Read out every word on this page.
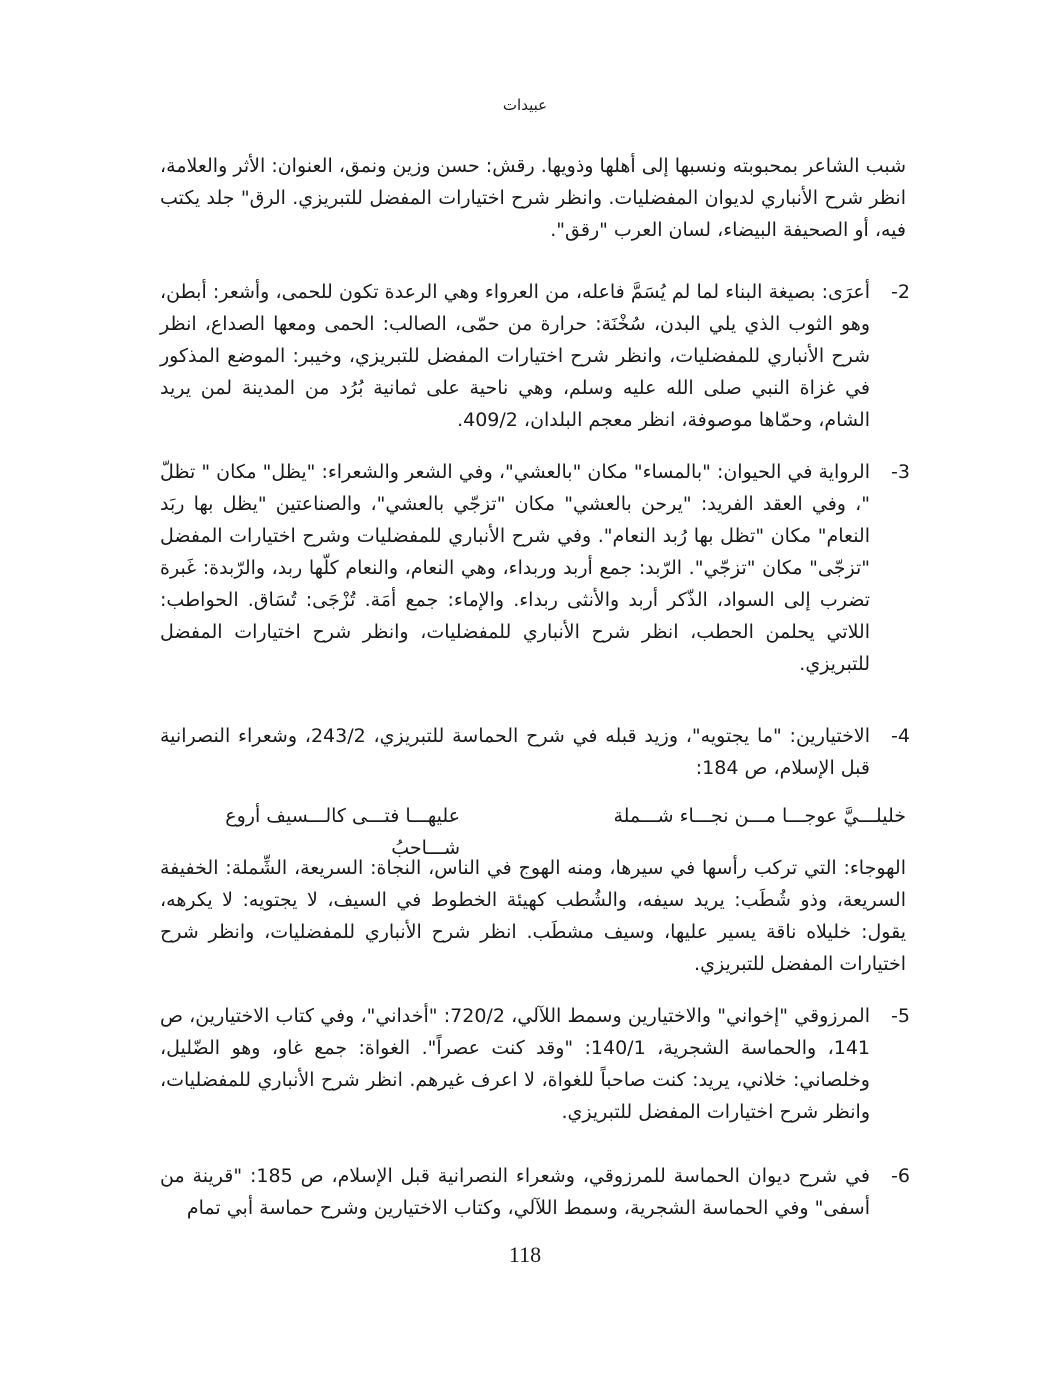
عبيدات

شبب الشاعر بمحبوبته ونسبها إلى أهلها وذويها. رقش: حسن وزين ونمق، العنوان: الأثر والعلامة، انظر شرح الأنباري لديوان المفضليات. وانظر شرح اختيارات المفضل للتبريزي. الرق" جلد يكتب فيه، أو الصحيفة البيضاء، لسان العرب "رقق".

-2
أعرَى: بصيغة البناء لما لم يُسَمَّ فاعله، من العرواء وهي الرعدة تكون للحمى، وأشعر: أبطن، وهو الثوب الذي يلي البدن، سُخْنَة: حرارة من حمّى، الصالب: الحمى ومعها الصداع، انظر شرح الأنباري للمفضليات، وانظر شرح اختيارات المفضل للتبريزي، وخيبر: الموضع المذكور في غزاة النبي صلى الله عليه وسلم، وهي ناحية على ثمانية بُرُد من المدينة لمن يريد الشام، وحمّاها موصوفة، انظر معجم البلدان، 409/2.
-3
الرواية في الحيوان: "بالمساء" مكان "بالعشي"، وفي الشعر والشعراء: "يظل" مكان " تظلّ "، وفي العقد الفريد: "يرحن بالعشي" مكان "تزجّي بالعشي"، والصناعتين "يظل بها ربَد النعام" مكان "تظل بها رُبد النعام". وفي شرح الأنباري للمفضليات وشرح اختيارات المفضل "تزجّى" مكان "تزجّي". الرّبد: جمع أربد وربداء، وهي النعام، والنعام كلّها ربد، والرّبدة: غَبرة تضرب إلى السواد، الذّكر أربد والأنثى ربداء. والإماء: جمع أمَة. تُزْجَى: تُسَاق. الحواطب: اللاتي يحلمن الحطب، انظر شرح الأنباري للمفضليات، وانظر شرح اختيارات المفضل للتبريزي.
-4
الاختيارين: "ما يجتويه"، وزيد قبله في شرح الحماسة للتبريزي، 243/2، وشعراء النصرانية قبل الإسلام، ص 184:
خليلـــيَّ عوجـــا مـــن نجـــاء شـــملة
عليهـــا فتـــى كالـــسيف أروع شـــاحبُ

الهوجاء: التي تركب رأسها في سيرها، ومنه الهوج في الناس، النجاة: السريعة، الشِّملة: الخفيفة السريعة، وذو شُطَب: يريد سيفه، والشُطب كهيئة الخطوط في السيف، لا يجتويه: لا يكرهه، يقول: خليلاه ناقة يسير عليها، وسيف مشطَب. انظر شرح الأنباري للمفضليات، وانظر شرح اختيارات المفضل للتبريزي.

-5
المرزوقي "إخواني" والاختيارين وسمط اللآلي، 720/2: "أخداني"، وفي كتاب الاختيارين، ص 141، والحماسة الشجرية، 140/1: "وقد كنت عصراً". الغواة: جمع غاو، وهو الضّليل، وخلصاني: خلاني، يريد: كنت صاحباً للغواة، لا اعرف غيرهم. انظر شرح الأنباري للمفضليات، وانظر شرح اختيارات المفضل للتبريزي.
-6
في شرح ديوان الحماسة للمرزوقي، وشعراء النصرانية قبل الإسلام، ص 185: "قرينة من أسفى" وفي الحماسة الشجرية، وسمط اللآلي، وكتاب الاختيارين وشرح حماسة أبي تمام
118
